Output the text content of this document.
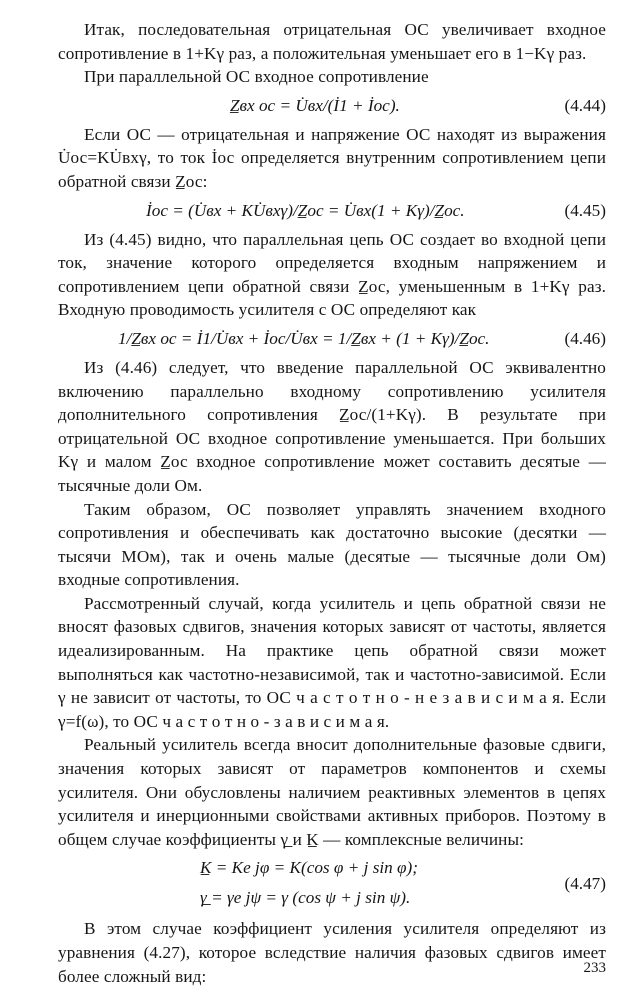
Итак, последовательная отрицательная ОС увеличивает входное сопротивление в 1+Kγ раз, а положительная уменьшает его в 1−Kγ раз.

При параллельной ОС входное сопротивление

Z̲вх ос = U̇вх/(İ1 + İос).	(4.44)

Если ОС — отрицательная и напряжение ОС находят из выражения U̇ос=KU̇вхγ, то ток İос определяется внутренним сопротивлением цепи обратной связи Z̲ос:

İос = (U̇вх + KU̇вхγ)/Z̲ос = U̇вх(1 + Kγ)/Z̲ос.	(4.45)

Из (4.45) видно, что параллельная цепь ОС создает во входной цепи ток, значение которого определяется входным напряжением и сопротивлением цепи обратной связи Z̲ос, уменьшенным в 1+Kγ раз. Входную проводимость усилителя с ОС определяют как

1/Z̲вх ос = İ1/U̇вх + İос/U̇вх = 1/Z̲вх + (1 + Kγ)/Z̲ос.	(4.46)

Из (4.46) следует, что введение параллельной ОС эквивалентно включению параллельно входному сопротивлению усилителя дополнительного сопротивления Z̲ос/(1+Kγ). В результате при отрицательной ОС входное сопротивление уменьшается. При больших Kγ и малом Z̲ос входное сопротивление может составить десятые — тысячные доли Ом.

Таким образом, ОС позволяет управлять значением входного сопротивления и обеспечивать как достаточно высокие (десятки — тысячи МОм), так и очень малые (десятые — тысячные доли Ом) входные сопротивления.

Рассмотренный случай, когда усилитель и цепь обратной связи не вносят фазовых сдвигов, значения которых зависят от частоты, является идеализированным. На практике цепь обратной связи может выполняться как частотно-независимой, так и частотно-зависимой. Если γ не зависит от частоты, то ОС ч а с т о т н о - н е з а в и с и м а я. Если γ=f(ω), то ОС ч а с т о т н о - з а в и с и м а я.

Реальный усилитель всегда вносит дополнительные фазовые сдвиги, значения которых зависят от параметров компонентов и схемы усилителя. Они обусловлены наличием реактивных элементов в цепях усилителя и инерционными свойствами активных приборов. Поэтому в общем случае коэффициенты γ̲ и K̲ — комплексные величины:

K̲ = Ke jφ = K(cos φ + j sin φ);
γ̲ = γe jψ = γ (cos ψ + j sin ψ).
(4.47)

В этом случае коэффициент усиления усилителя определяют из уравнения (4.27), которое вследствие наличия фазовых сдвигов имеет более сложный вид:	233
